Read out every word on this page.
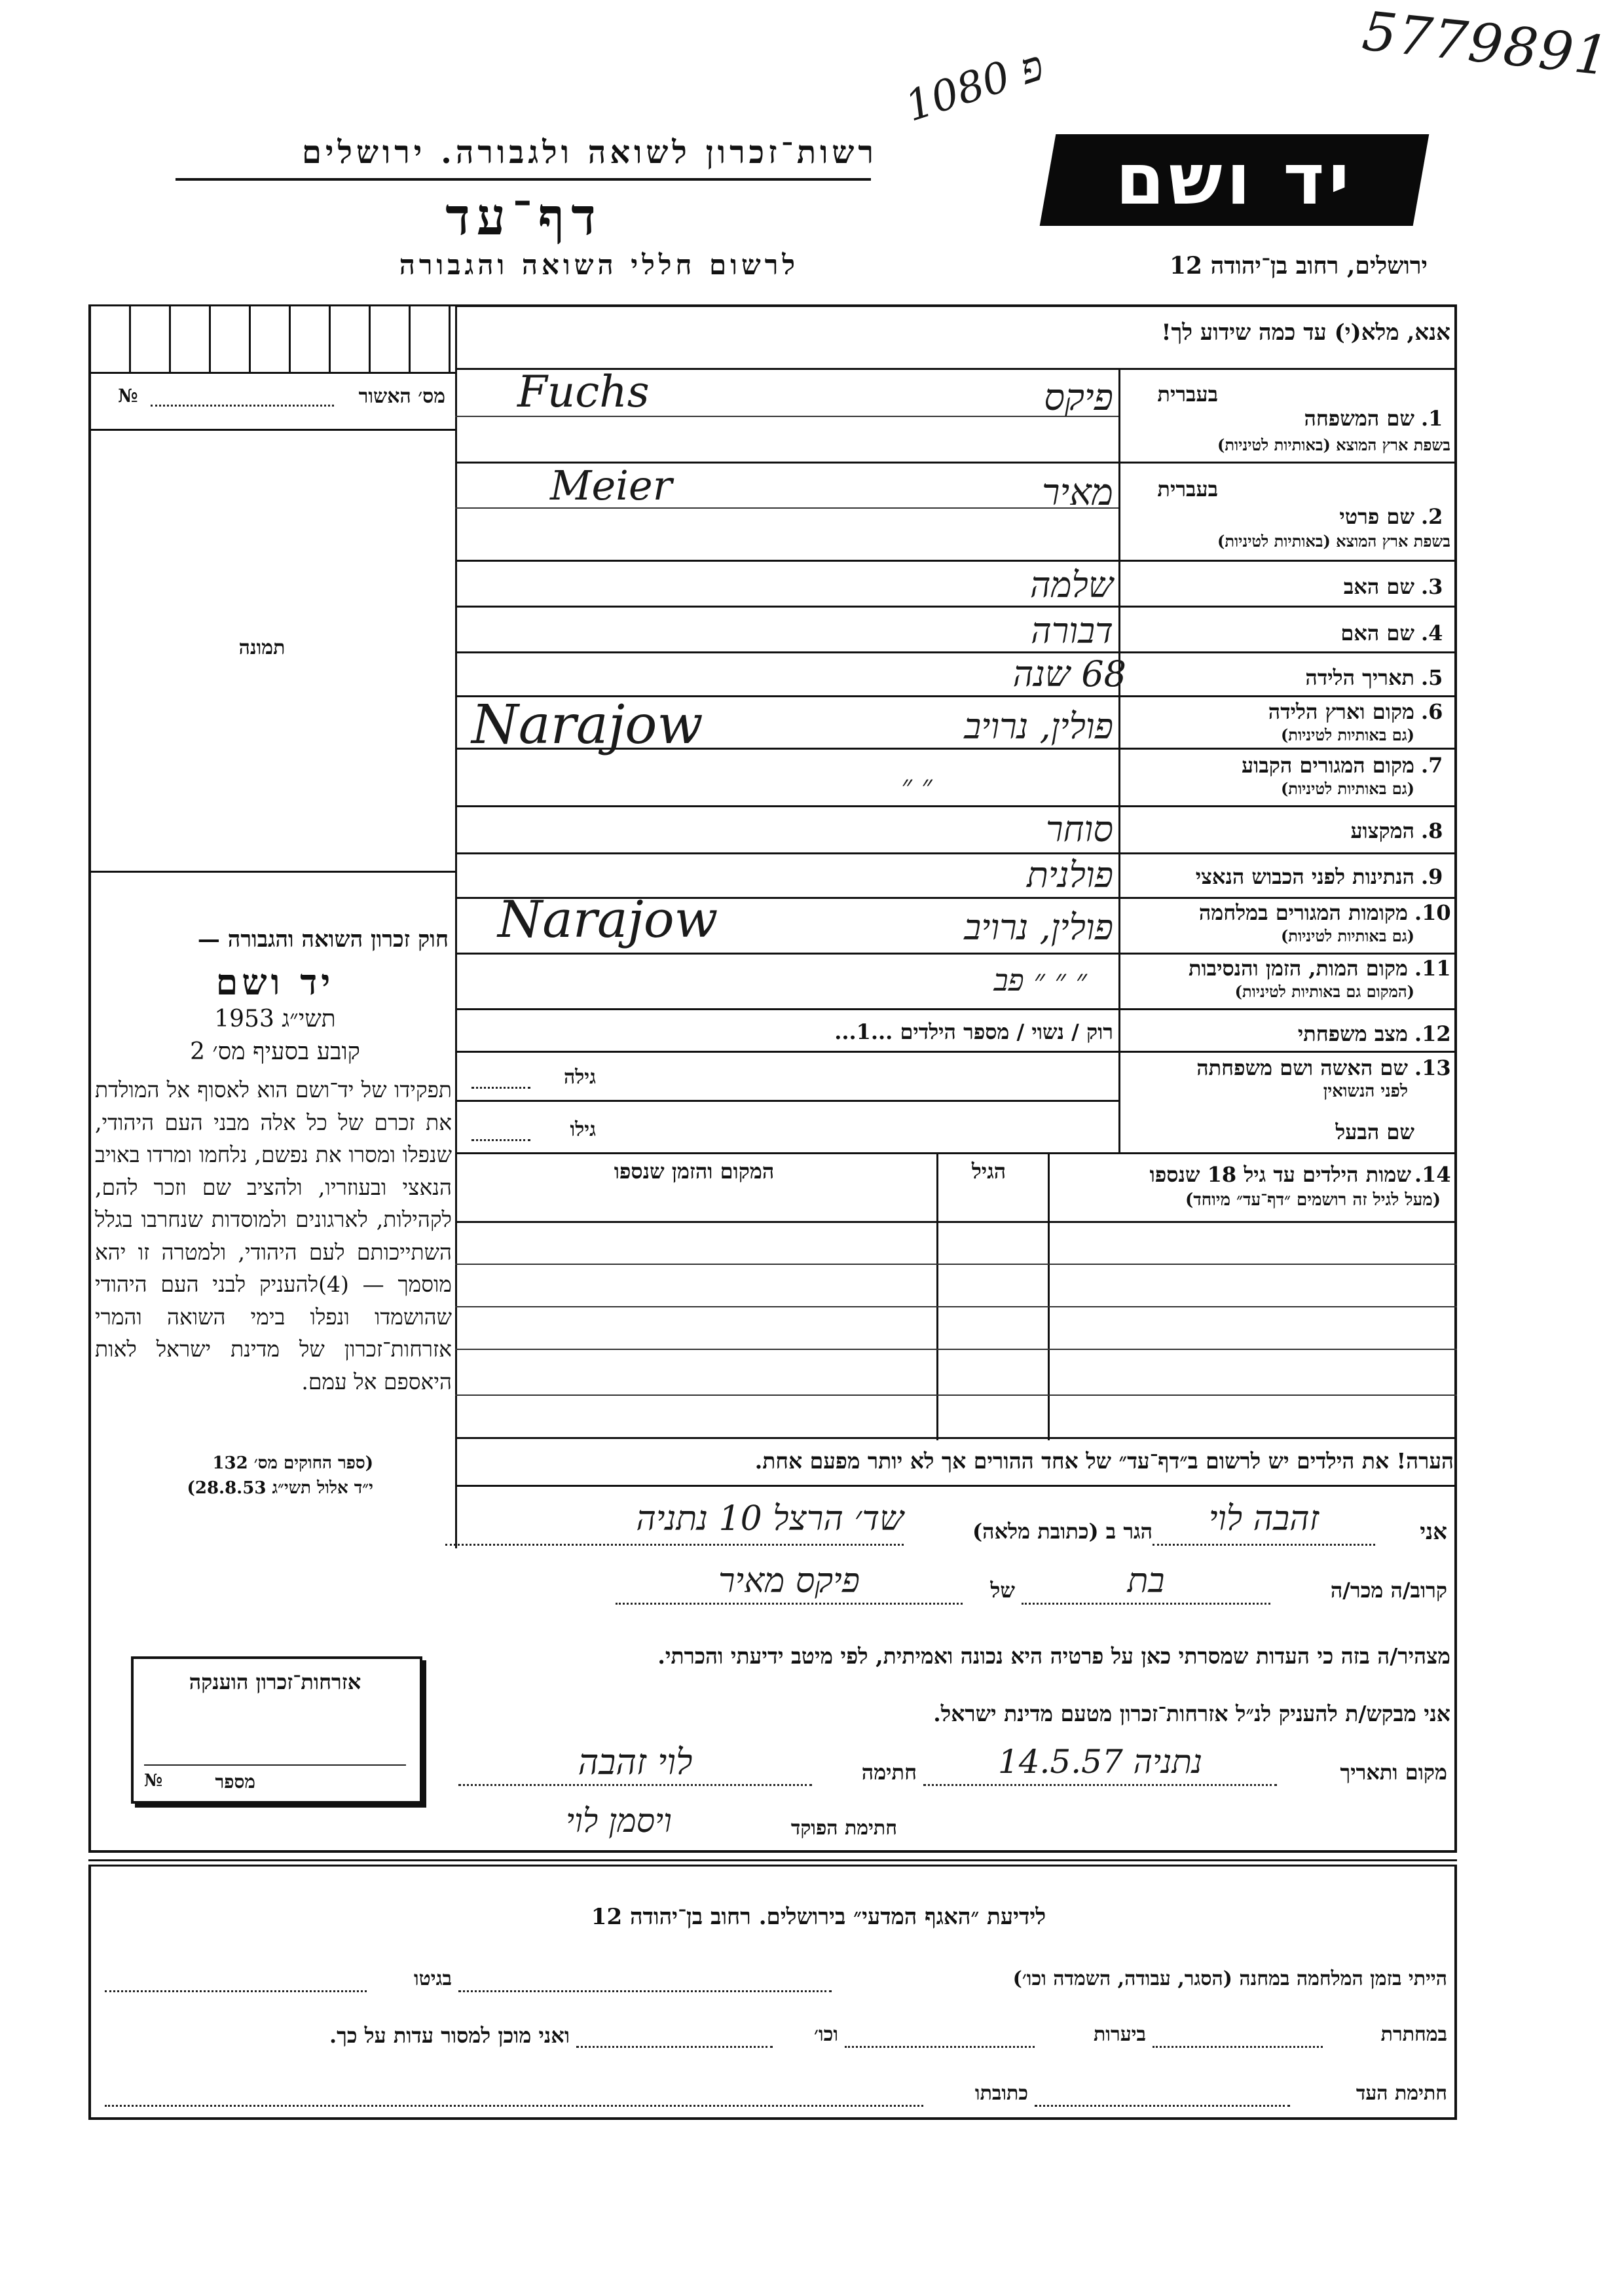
5779891
1080 פ
רשות־זכרון לשואה ולגבורה. ירושלים
דף־עד
לרשום חללי השואה והגבורה
יד ושם
ירושלים, רחוב בן־יהודה 12
מס׳ האשור
№
תמונה
חוק זכרון השואה והגבורה —
יד ושם
תשי״ג 1953
קובע בסעיף מס׳ 2
תפקידו של יד־ושם הוא לאסוף אל המולדת את זכרם של כל אלה מבני העם היהודי, שנפלו ומסרו את נפשם, נלחמו ומרדו באויב הנאצי ובעוזריו, ולהציב שם וזכר להם, לקהילות, לארגונים ולמוסדות שנחרבו בגלל השתייכותם לעם היהודי, ולמטרה זו יהא מוסמך — (4)להעניק לבני העם היהודי שהושמדו ונפלו בימי השואה והמרי אזרחות־זכרון של מדינת ישראל לאות היאספם אל עמם.
(ספר החוקים מס׳ 132
י״ד אלול תשי״ג 28.8.53)
אזרחות־זכרון הוענקה
מספר
№
אנא, מלא(י) עד כמה שידוע לך!
1.
שם המשפחה
בשפת ארץ המוצא (באותיות לטיניות)
בעברית
פיקס
Fuchs
2.
שם פרטי
בשפת ארץ המוצא (באותיות לטיניות)
בעברית
מאיר
Meier
3.
שם האב
שלמה
4.
שם האם
דבורה
5.
תאריך הלידה
68 שנה
6.
מקום וארץ הלידה
(גם באותיות לטיניות)
פולין, נרויב
Narajow
7.
מקום המגורים הקבוע
(גם באותיות לטיניות)
״ ״
8.
המקצוע
סוחר
9.
הנתינות לפני הכבוש הנאצי
פולנית
10.
מקומות המגורים במלחמה
(גם באותיות לטיניות)
פולין, נרויב
Narajow
11.
מקום המות, הזמן והנסיבות
(המקום גם באותיות לטיניות)
״ ״ ״ פב
12.
מצב משפחתי
רוק / נשוי / מספר הילדים ...1...
13.
שם האשה ושם משפחתה
לפני הנשואין
גילה
שם הבעל
גילו
14.
שמות הילדים עד גיל 18 שנספו
(מעל לגיל זה רושמים ״דף־עד״ מיוחד)
הגיל
המקום והזמן שנספו
הערה! את הילדים יש לרשום ב״דף־עד״ של אחד ההורים אך לא יותר מפעם אחת.
אני
זהבה לוי
הגר ב (כתובת מלאה)
שד׳ הרצל 10 נתניה
קרוב/ה מכר/ה
בת
של
פיקס מאיר
מצהיר/ה בזה כי העדות שמסרתי כאן על פרטיה היא נכונה ואמיתית, לפי מיטב ידיעתי והכרתי.
אני מבקש/ת להעניק לנ״ל אזרחות־זכרון מטעם מדינת ישראל.
מקום ותאריך
נתניה 14.5.57
חתימה
לוי זהבה
חתימת הפוקד
ויסמן לוי
לידיעת ״האגף המדעי״ בירושלים. רחוב בן־יהודה 12
הייתי בזמן המלחמה במחנה (הסגר, עבודה, השמדה וכו׳)
בגיטו
במחתרת
ביערות
וכו׳
ואני מוכן למסור עדות על כך.
חתימת העד
כתובתו
